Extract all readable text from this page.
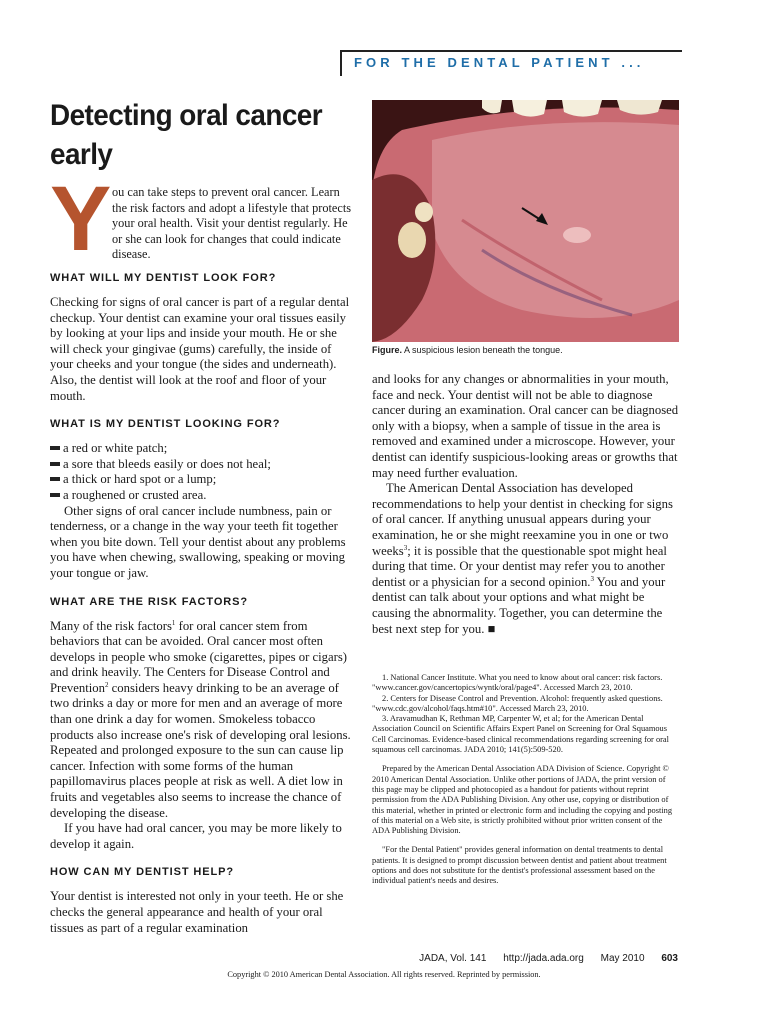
FOR THE DENTAL PATIENT ...
Detecting oral cancer early
Y ou can take steps to prevent oral cancer. Learn the risk factors and adopt a lifestyle that protects your oral health. Visit your dentist regularly. He or she can look for changes that could indicate disease.
WHAT WILL MY DENTIST LOOK FOR?

Checking for signs of oral cancer is part of a regular dental checkup. Your dentist can examine your oral tissues easily by looking at your lips and inside your mouth. He or she will check your gingivae (gums) carefully, the inside of your cheeks and your tongue (the sides and underneath). Also, the dentist will look at the roof and floor of your mouth.

WHAT IS MY DENTIST LOOKING FOR?

a red or white patch;

a sore that bleeds easily or does not heal;

a thick or hard spot or a lump;

a roughened or crusted area.

Other signs of oral cancer include numbness, pain or tenderness, or a change in the way your teeth fit together when you bite down. Tell your dentist about any problems you have when chewing, swallowing, speaking or moving your tongue or jaw.

WHAT ARE THE RISK FACTORS?

Many of the risk factors$^1$ for oral cancer stem from behaviors that can be avoided. Oral cancer most often develops in people who smoke (cigarettes, pipes or cigars) and drink heavily. The Centers for Disease Control and Prevention$^2$ considers heavy drinking to be an average of two drinks a day or more for men and an average of more than one drink a day for women. Smokeless tobacco products also increase one's risk of developing oral lesions. Repeated and prolonged exposure to the sun can cause lip cancer. Infection with some forms of the human papillomavirus places people at risk as well. A diet low in fruits and vegetables also seems to increase the chance of developing the disease.

If you have had oral cancer, you may be more likely to develop it again.

HOW CAN MY DENTIST HELP?

Your dentist is interested not only in your teeth. He or she checks the general appearance and health of your oral tissues as part of a regular examination

Figure. A suspicious lesion beneath the tongue.

and looks for any changes or abnormalities in your mouth, face and neck. Your dentist will not be able to diagnose cancer during an examination. Oral cancer can be diagnosed only with a biopsy, when a sample of tissue in the area is removed and examined under a microscope. However, your dentist can identify suspicious-looking areas or growths that may need further evaluation.

The American Dental Association has developed recommendations to help your dentist in checking for signs of oral cancer. If anything unusual appears during your examination, he or she might reexamine you in one or two weeks$^3$; it is possible that the questionable spot might heal during that time. Or your dentist may refer you to another dentist or a physician for a second opinion.$^3$ You and your dentist can talk about your options and what might be causing the abnormality. Together, you can determine the best next step for you. ■

1. National Cancer Institute. What you need to know about oral cancer: risk factors. "www.cancer.gov/cancertopics/wyntk/oral/page4". Accessed March 23, 2010.

2. Centers for Disease Control and Prevention. Alcohol: frequently asked questions. "www.cdc.gov/alcohol/faqs.htm#10". Accessed March 23, 2010.

3. Aravamudhan K, Rethman MP, Carpenter W, et al; for the American Dental Association Council on Scientific Affairs Expert Panel on Screening for Oral Squamous Cell Carcinomas. Evidence-based clinical recommendations regarding screening for oral squamous cell carcinomas. JADA 2010; 141(5):509-520.

Prepared by the American Dental Association ADA Division of Science. Copyright © 2010 American Dental Association. Unlike other portions of JADA, the print version of this page may be clipped and photocopied as a handout for patients without reprint permission from the ADA Publishing Division. Any other use, copying or distribution of this material, whether in printed or electronic form and including the copying and posting of this material on a Web site, is strictly prohibited without prior written consent of the ADA Publishing Division.

"For the Dental Patient" provides general information on dental treatments to dental patients. It is designed to prompt discussion between dentist and patient about treatment options and does not substitute for the dentist's professional assessment based on the individual patient's needs and desires.

JADA, Vol. 141 http://jada.ada.org May 2010 603
Copyright © 2010 American Dental Association. All rights reserved. Reprinted by permission.
